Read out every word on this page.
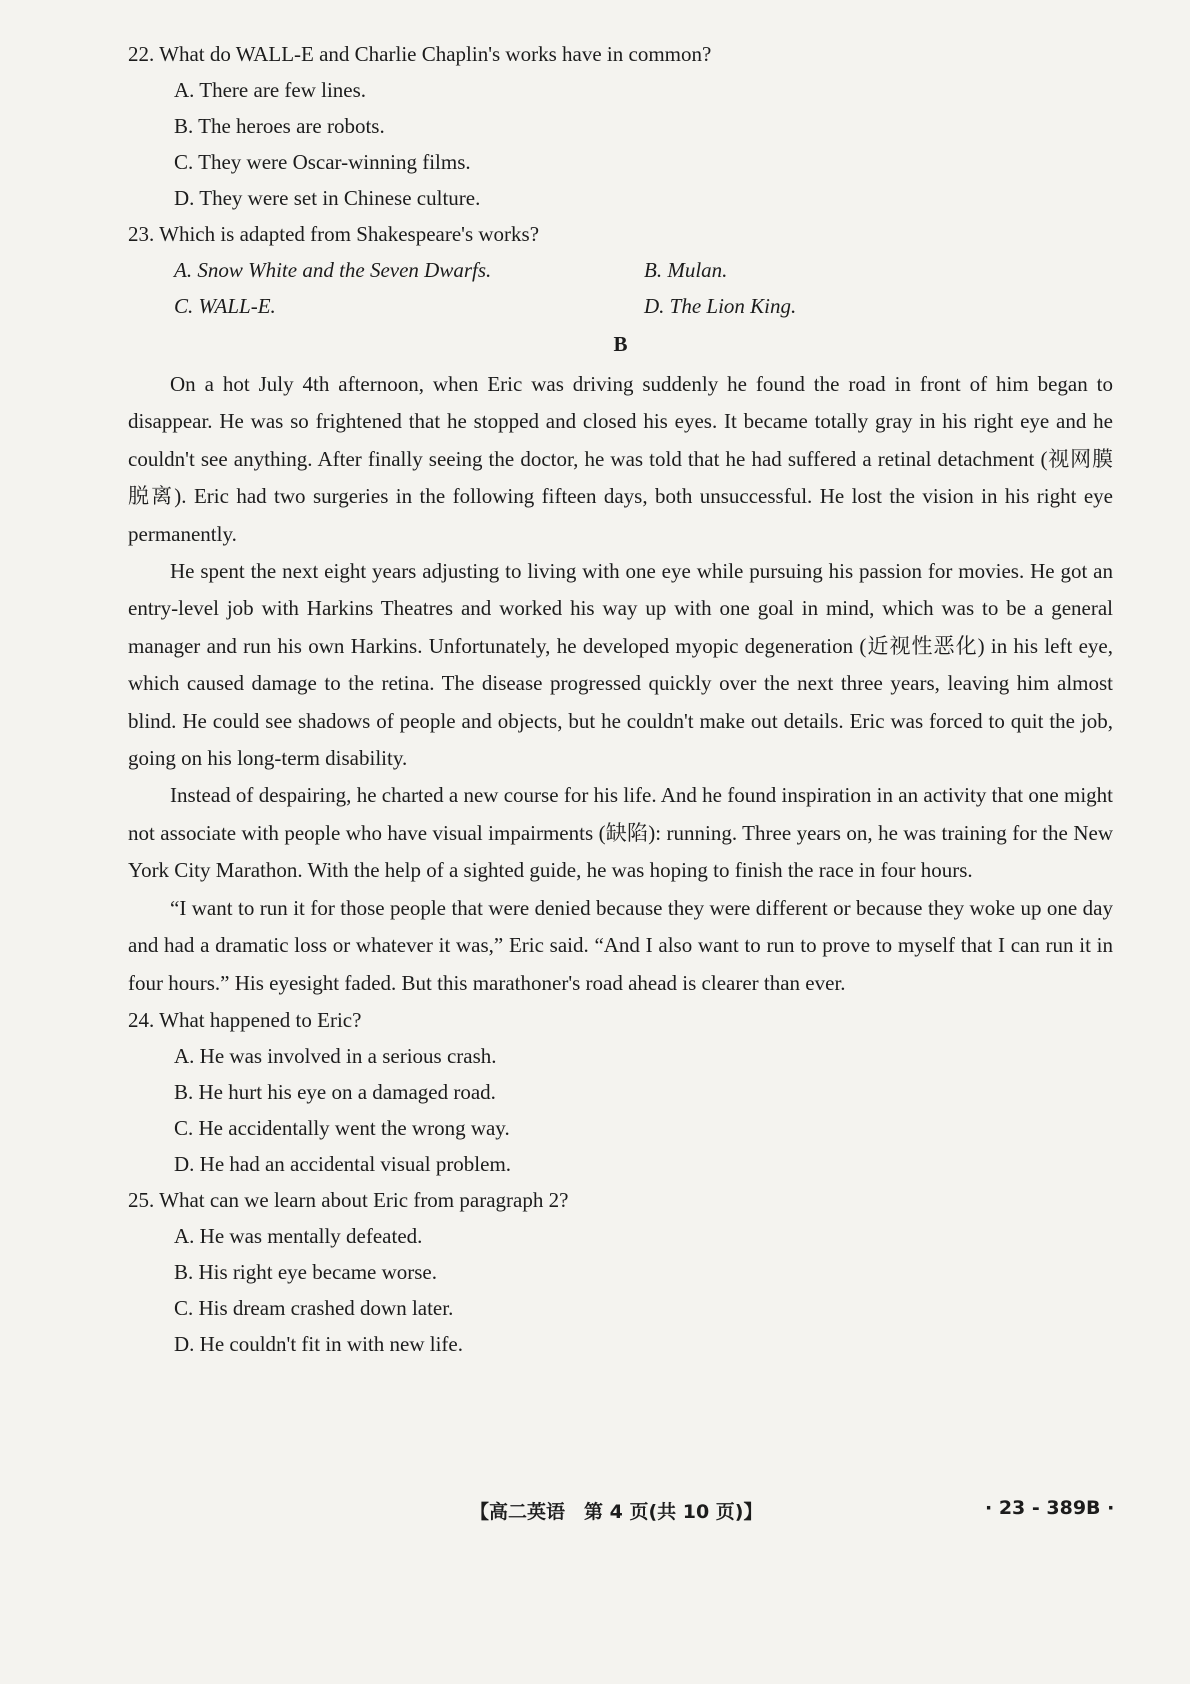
22. What do WALL-E and Charlie Chaplin's works have in common?

A. There are few lines.

B. The heroes are robots.

C. They were Oscar-winning films.

D. They were set in Chinese culture.

23. Which is adapted from Shakespeare's works?

A. Snow White and the Seven Dwarfs.	B. Mulan.
C. WALL-E.	D. The Lion King.
B

On a hot July 4th afternoon, when Eric was driving suddenly he found the road in front of him began to disappear. He was so frightened that he stopped and closed his eyes. It became totally gray in his right eye and he couldn't see anything. After finally seeing the doctor, he was told that he had suffered a retinal detachment (视网膜脱离). Eric had two surgeries in the following fifteen days, both unsuccessful. He lost the vision in his right eye permanently.

He spent the next eight years adjusting to living with one eye while pursuing his passion for movies. He got an entry-level job with Harkins Theatres and worked his way up with one goal in mind, which was to be a general manager and run his own Harkins. Unfortunately, he developed myopic degeneration (近视性恶化) in his left eye, which caused damage to the retina. The disease progressed quickly over the next three years, leaving him almost blind. He could see shadows of people and objects, but he couldn't make out details. Eric was forced to quit the job, going on his long-term disability.

Instead of despairing, he charted a new course for his life. And he found inspiration in an activity that one might not associate with people who have visual impairments (缺陷): running. Three years on, he was training for the New York City Marathon. With the help of a sighted guide, he was hoping to finish the race in four hours.

“I want to run it for those people that were denied because they were different or because they woke up one day and had a dramatic loss or whatever it was,” Eric said. “And I also want to run to prove to myself that I can run it in four hours.” His eyesight faded. But this marathoner's road ahead is clearer than ever.

24. What happened to Eric?

A. He was involved in a serious crash.

B. He hurt his eye on a damaged road.

C. He accidentally went the wrong way.

D. He had an accidental visual problem.

25. What can we learn about Eric from paragraph 2?

A. He was mentally defeated.

B. His right eye became worse.

C. His dream crashed down later.

D. He couldn't fit in with new life.

【高二英语　第 4 页(共 10 页)】	· 23 - 389B ·
